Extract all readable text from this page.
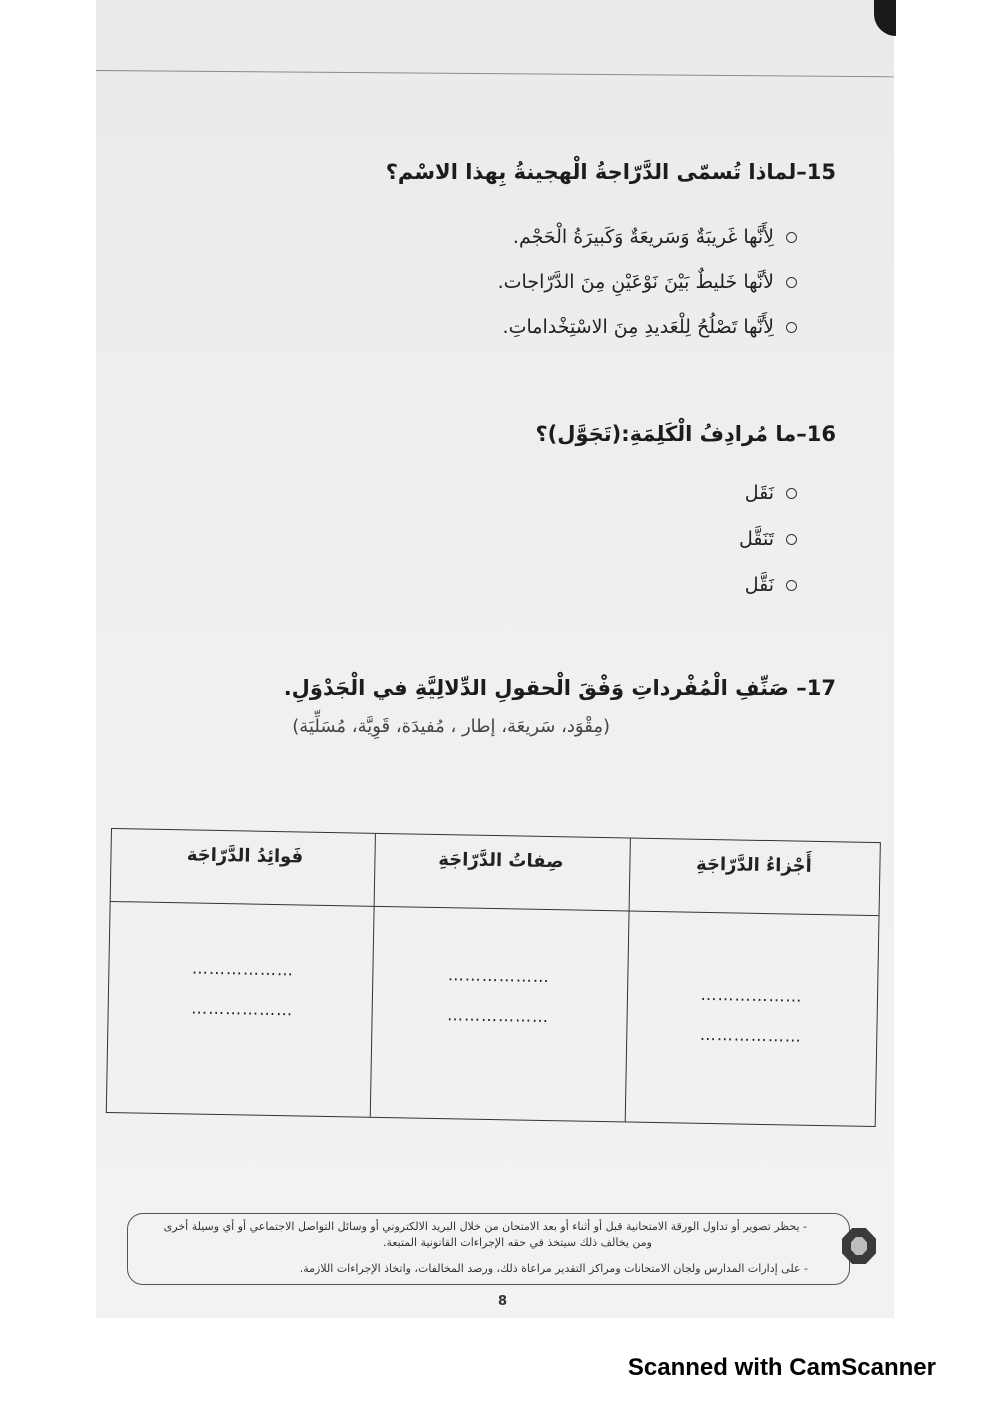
15–لماذا تُسمّى الدَّرّاجةُ الْهجينةُ بِهذا الاسْم؟
لِأَنَّها غَريبَةٌ وَسَريعَةٌ وَكَبيرَةُ الْحَجْم.
لأنَّها خَليطٌ بَيْنَ نَوْعَيْنِ مِنَ الدَّرّاجات.
لِأَنَّها تَصْلُحُ لِلْعَديدِ مِنَ الاسْتِخْداماتِ.
16–ما مُرادِفُ الْكَلِمَةِ:(تَجَوَّل)؟
نَقَل
تَنَقَّل
نَقَّل
17– صَنِّفِ الْمُفْرداتِ وَفْقَ الْحقولِ الدِّلالِيَّةِ في الْجَدْوَلِ.
(مِقْوَد، سَريعَة، إطار ، مُفيدَة، قَوِيَّة، مُسَلِّيَة)
أَجْزاءُ الدَّرّاجَةِ
صِفاتُ الدَّرّاجَةِ
فَوائِدُ الدَّرّاجَة
………………
………………
………………
………………
………………
………………
- يحظر تصوير أو تداول الورقة الامتحانية قبل أو أثناء أو بعد الامتحان من خلال البريد الالكتروني أو وسائل التواصل الاجتماعي أو أي وسيلة أخرى
ومن يخالف ذلك سيتخذ في حقه الإجراءات القانونية المتبعة.
- على إدارات المدارس ولجان الامتحانات ومراكز التقدير مراعاة ذلك، ورصد المخالفات، واتخاذ الإجراءات اللازمة.
8
Scanned with CamScanner
